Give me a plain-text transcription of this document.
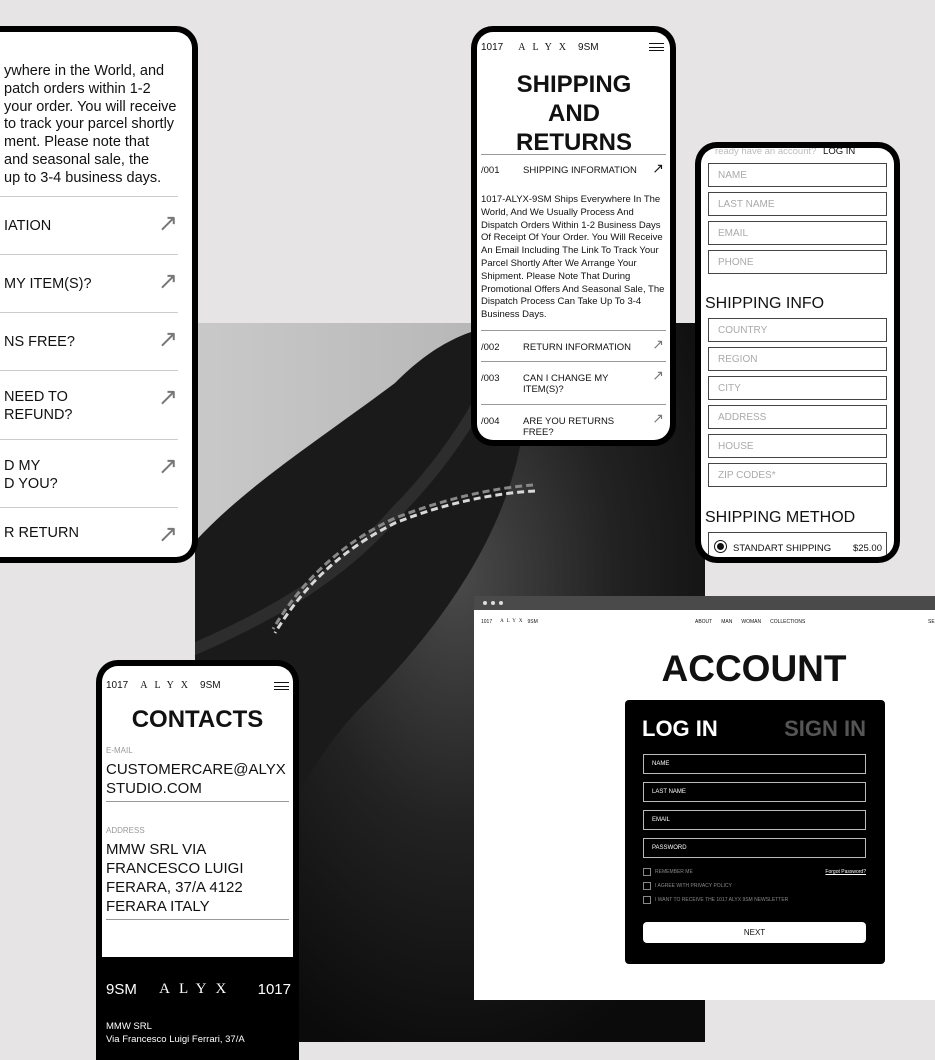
ywhere in the World, and
patch orders within 1-2
your order. You will receive
to track your parcel shortly
ment. Please note that
and seasonal sale, the
up to 3-4 business days.
IATION	↗
MY ITEM(S)?	↗
NS FREE?	↗
NEED TO
REFUND?
↗
D MY
D YOU?
↗
R RETURN	↗
1017 ALYX 9SM
SHIPPING AND RETURNS
/001 SHIPPING INFORMATION ↗
1017-ALYX-9SM Ships Everywhere In The World, And We Usually Process And Dispatch Orders Within 1-2 Business Days Of Receipt Of Your Order. You Will Receive An Email Including The Link To Track Your Parcel Shortly After We Arrange Your Shipment. Please Note That During Promotional Offers And Seasonal Sale, The Dispatch Process Can Take Up To 3-4 Business Days.
/002 RETURN INFORMATION ↗
/003 CAN I CHANGE MY ITEM(S)?
↗
/004 ARE YOU RETURNS FREE?
↗
ready have an account? LOG IN
NAME
LAST NAME
EMAIL
PHONE
SHIPPING INFO
COUNTRY
REGION
CITY
ADDRESS
HOUSE
ZIP CODES*
SHIPPING METHOD
STANDART SHIPPING $25.00
1017 ALYX 9SM
CONTACTS
E-MAIL
CUSTOMERCARE@ALYX STUDIO.COM
ADDRESS
MMW SRL VIA FRANCESCO LUIGI FERARA, 37/A 4122 FERARA ITALY
9SM ALYX 1017
MMW SRL
Via Francesco Luigi Ferrari, 37/A
1017 ALYX 9SM	ABOUT MAN WOMAN COLLECTIONS	SE
ACCOUNT
LOG IN	SIGN IN
NAME
LAST NAME
EMAIL
PASSWORD
REMEMBER ME
I AGREE WITH PRIVACY POLICY
I WANT TO RECEIVE THE 1017 ALYX 9SM NEWSLETTER
Forgot Password?
NEXT
